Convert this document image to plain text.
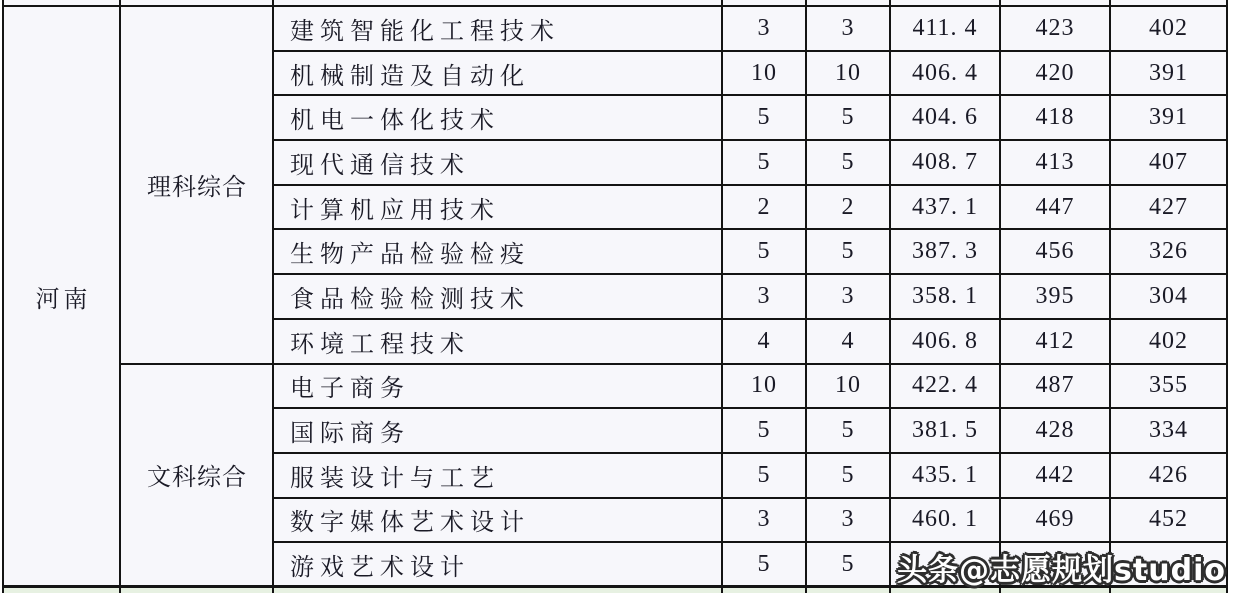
河南	理科综合	建筑智能化工程技术	3	3	411. 4	423	402
		机械制造及自动化	10	10	406. 4	420	391
		机电一体化技术	5	5	404. 6	418	391
		现代通信技术	5	5	408. 7	413	407
		计算机应用技术	2	2	437. 1	447	427
		生物产品检验检疫	5	5	387. 3	456	326
		食品检验检测技术	3	3	358. 1	395	304
		环境工程技术	4	4	406. 8	412	402
	文科综合	电子商务	10	10	422. 4	487	355
		国际商务	5	5	381. 5	428	334
		服装设计与工艺	5	5	435. 1	442	426
		数字媒体艺术设计	3	3	460. 1	469	452
		游戏艺术设计	5	5			
							头条@志愿规划studio
